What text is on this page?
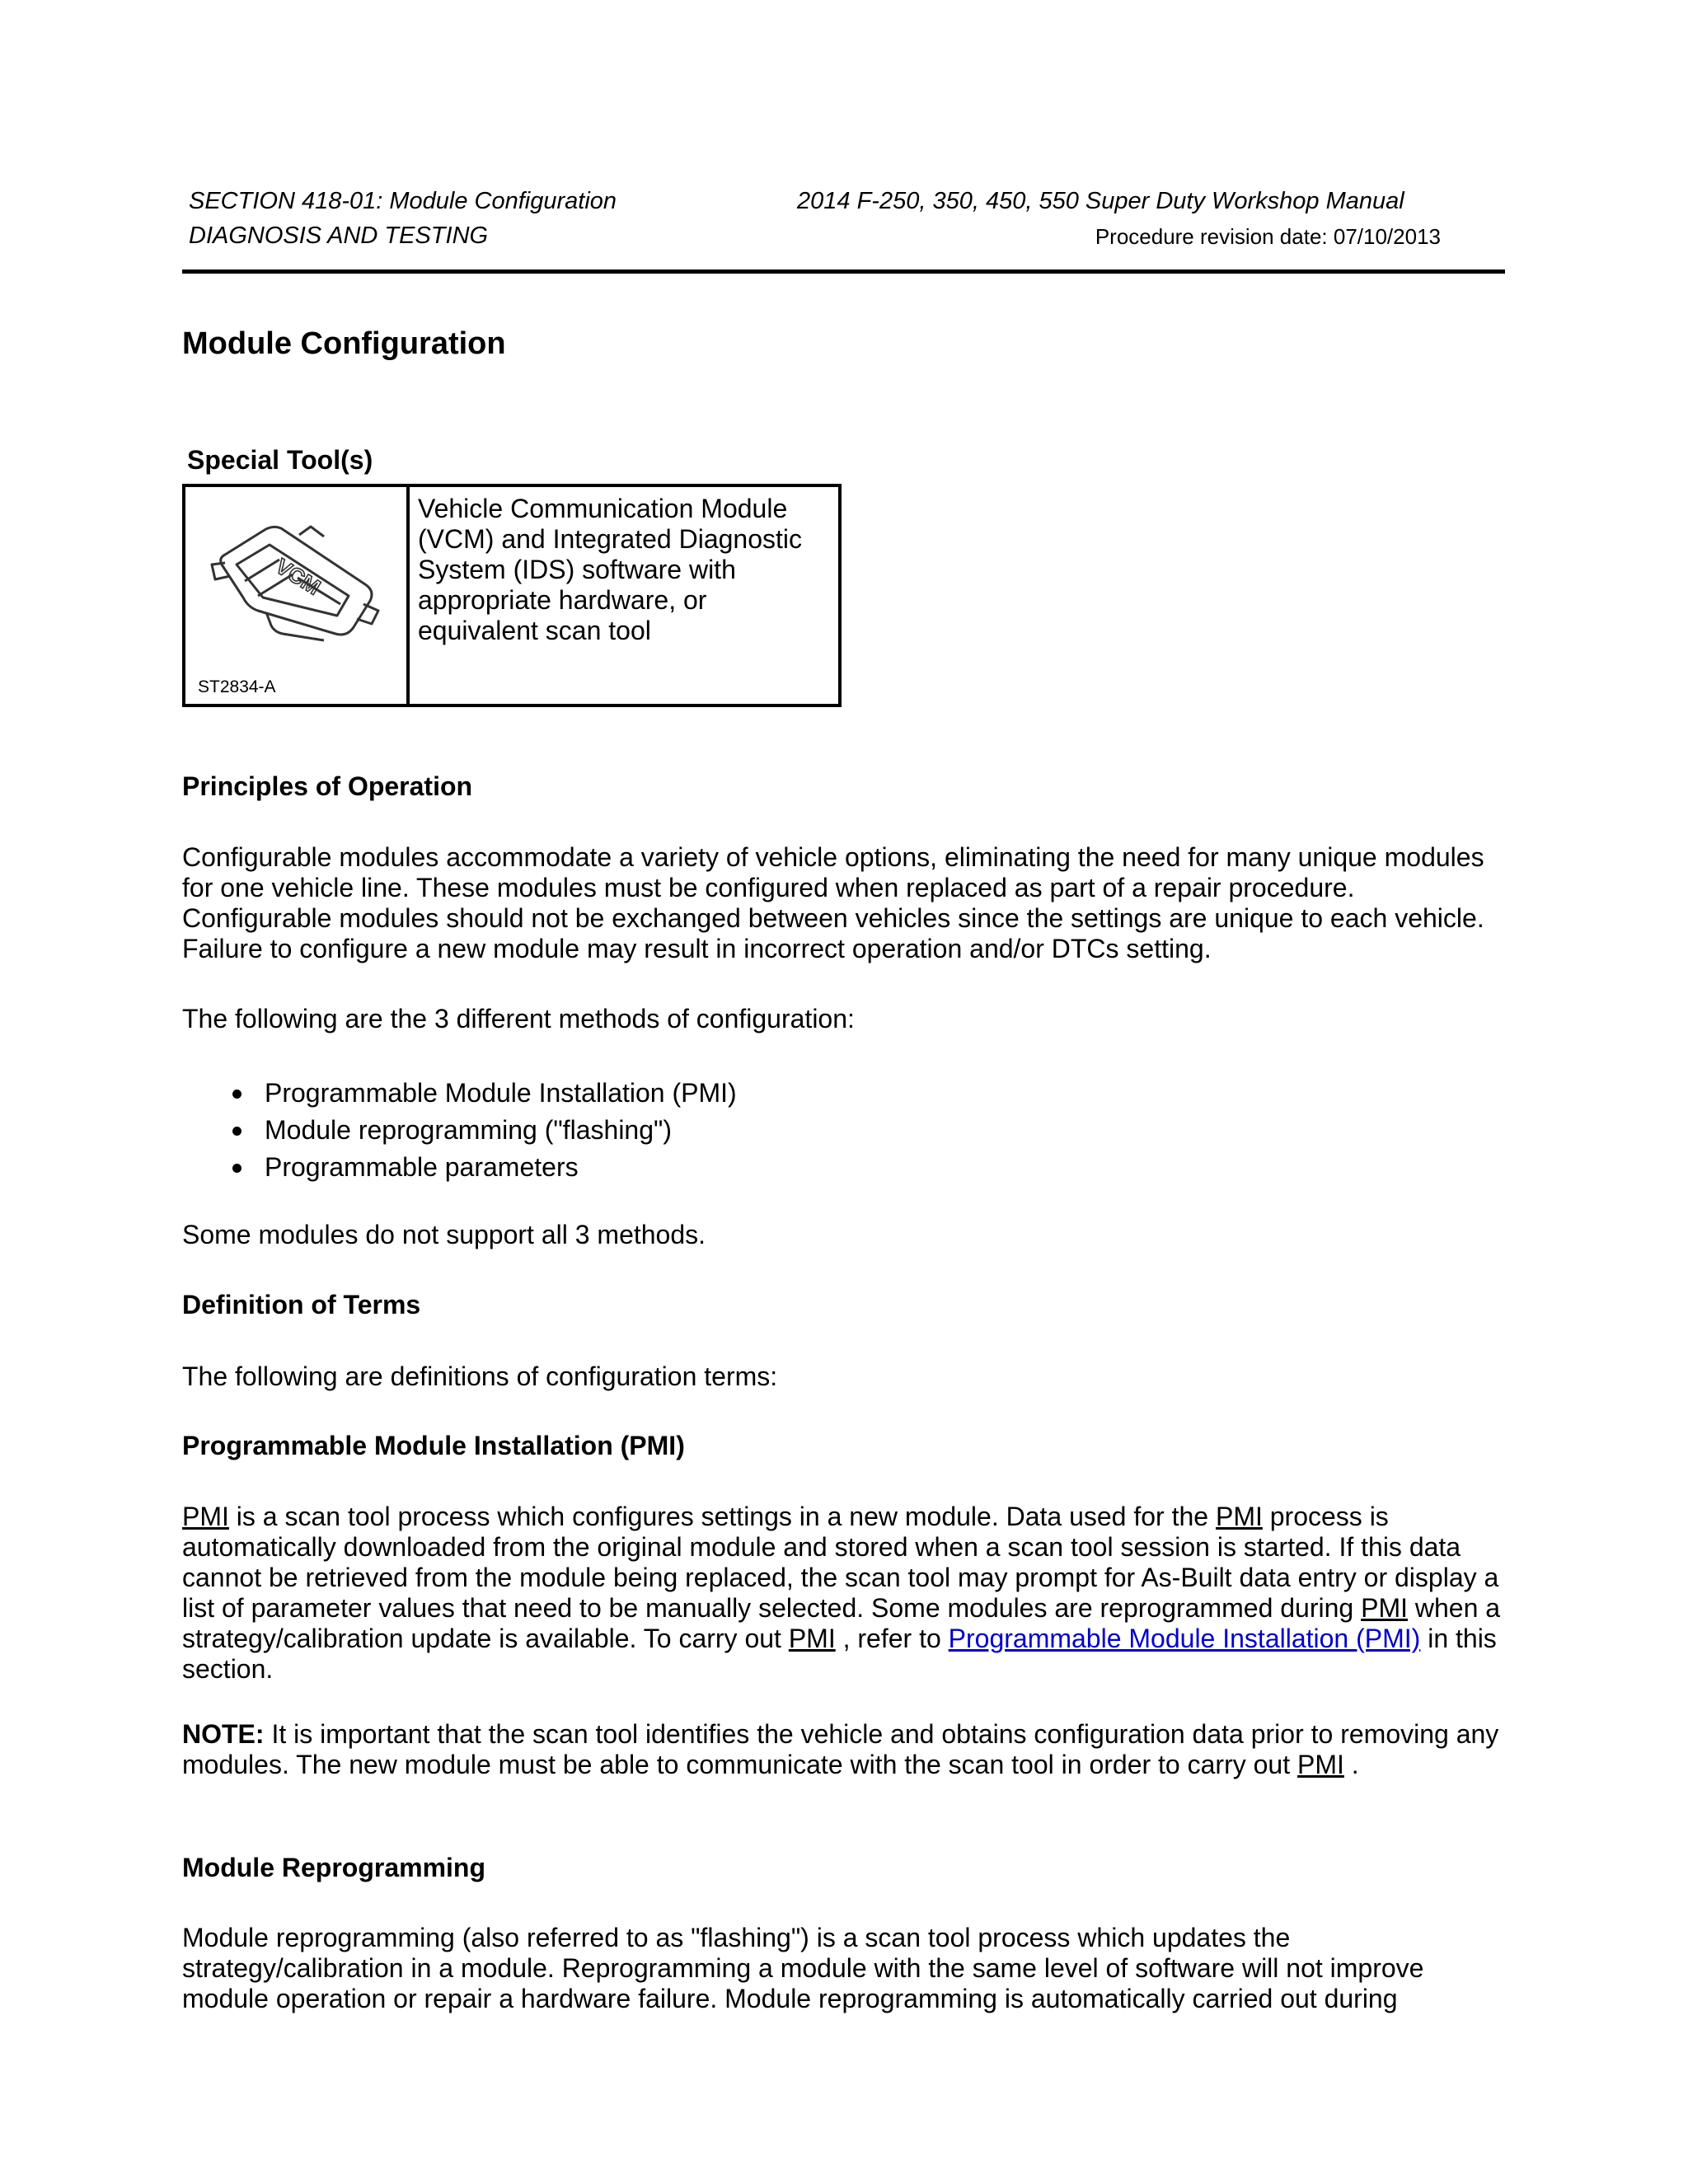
SECTION 418-01: Module Configuration	2014 F-250, 350, 450, 550 Super Duty Workshop Manual
DIAGNOSIS AND TESTING	Procedure revision date: 07/10/2013
Module Configuration
Special Tool(s)
VCM
ST2834-A
Vehicle Communication Module (VCM) and Integrated Diagnostic System (IDS) software with appropriate hardware, or equivalent scan tool
Principles of Operation
Configurable modules accommodate a variety of vehicle options, eliminating the need for many unique modules for one vehicle line. These modules must be configured when replaced as part of a repair procedure. Configurable modules should not be exchanged between vehicles since the settings are unique to each vehicle. Failure to configure a new module may result in incorrect operation and/or DTCs setting.
The following are the 3 different methods of configuration:
Programmable Module Installation (PMI)
Module reprogramming ("flashing")
Programmable parameters
Some modules do not support all 3 methods.
Definition of Terms
The following are definitions of configuration terms:
Programmable Module Installation (PMI)
PMI is a scan tool process which configures settings in a new module. Data used for the PMI process is automatically downloaded from the original module and stored when a scan tool session is started. If this data cannot be retrieved from the module being replaced, the scan tool may prompt for As-Built data entry or display a list of parameter values that need to be manually selected. Some modules are reprogrammed during PMI when a strategy/calibration update is available. To carry out PMI , refer to Programmable Module Installation (PMI) in this section.
NOTE: It is important that the scan tool identifies the vehicle and obtains configuration data prior to removing any modules. The new module must be able to communicate with the scan tool in order to carry out PMI .
Module Reprogramming
Module reprogramming (also referred to as "flashing") is a scan tool process which updates the strategy/calibration in a module. Reprogramming a module with the same level of software will not improve module operation or repair a hardware failure. Module reprogramming is automatically carried out during
